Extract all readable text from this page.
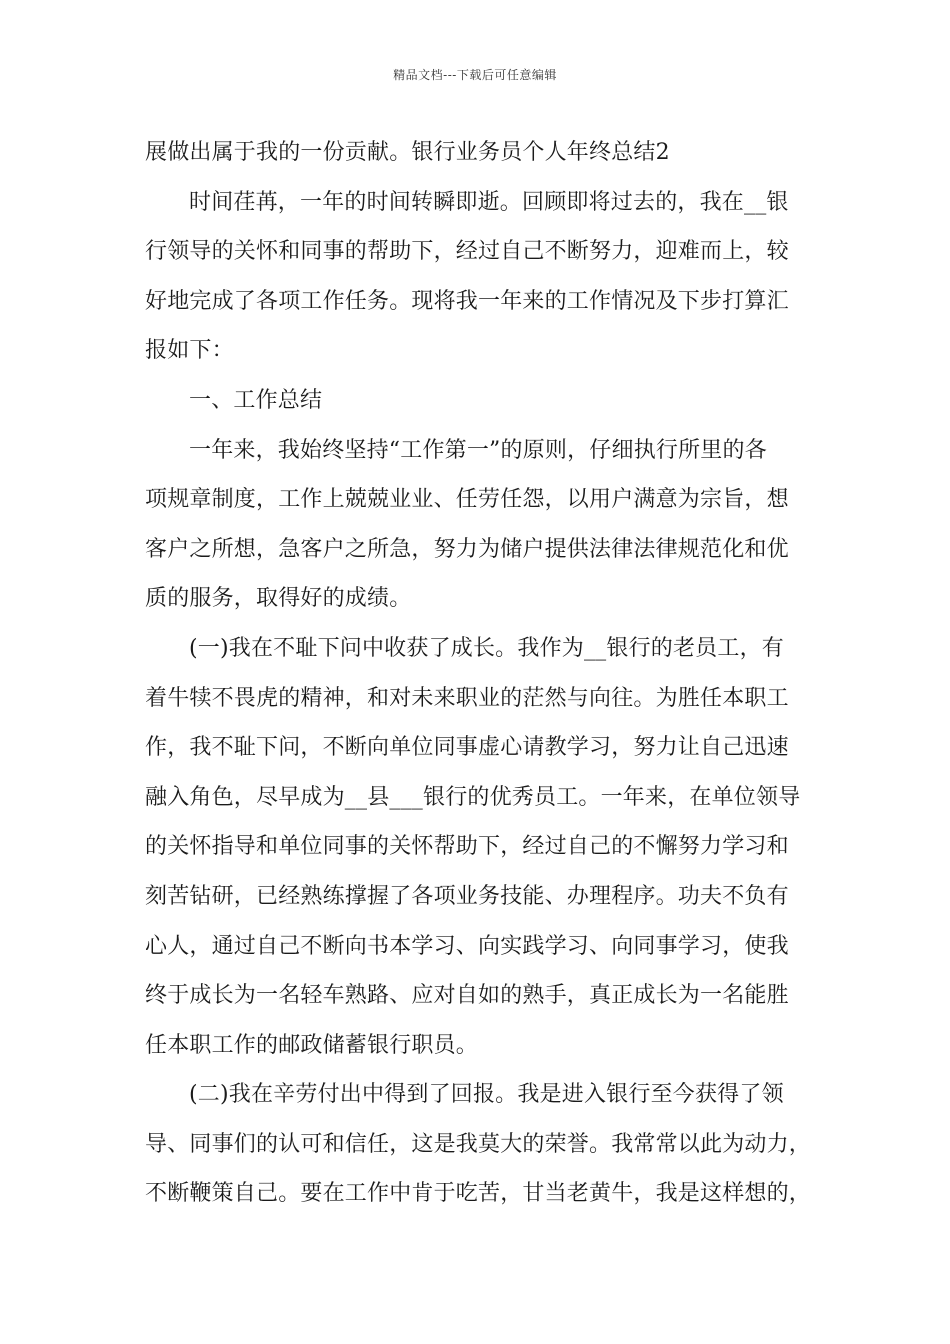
精品文档---下载后可任意编辑
展做出属于我的一份贡献。银行业务员个人年终总结2
时间荏苒，一年的时间转瞬即逝。回顾即将过去的，我在__银
行领导的关怀和同事的帮助下，经过自己不断努力，迎难而上，较
好地完成了各项工作任务。现将我一年来的工作情况及下步打算汇
报如下：
一、工作总结
一年来，我始终坚持“工作第一”的原则，仔细执行所里的各
项规章制度，工作上兢兢业业、任劳任怨，以用户满意为宗旨，想
客户之所想，急客户之所急，努力为储户提供法律法律规范化和优
质的服务，取得好的成绩。
(一)我在不耻下问中收获了成长。我作为__银行的老员工，有
着牛犊不畏虎的精神，和对未来职业的茫然与向往。为胜任本职工
作，我不耻下问，不断向单位同事虚心请教学习，努力让自己迅速
融入角色，尽早成为__县___银行的优秀员工。一年来，在单位领导
的关怀指导和单位同事的关怀帮助下，经过自己的不懈努力学习和
刻苦钻研，已经熟练撑握了各项业务技能、办理程序。功夫不负有
心人，通过自己不断向书本学习、向实践学习、向同事学习，使我
终于成长为一名轻车熟路、应对自如的熟手，真正成长为一名能胜
任本职工作的邮政储蓄银行职员。
(二)我在辛劳付出中得到了回报。我是进入银行至今获得了领
导、同事们的认可和信任，这是我莫大的荣誉。我常常以此为动力，
不断鞭策自己。要在工作中肯于吃苦，甘当老黄牛，我是这样想的，
